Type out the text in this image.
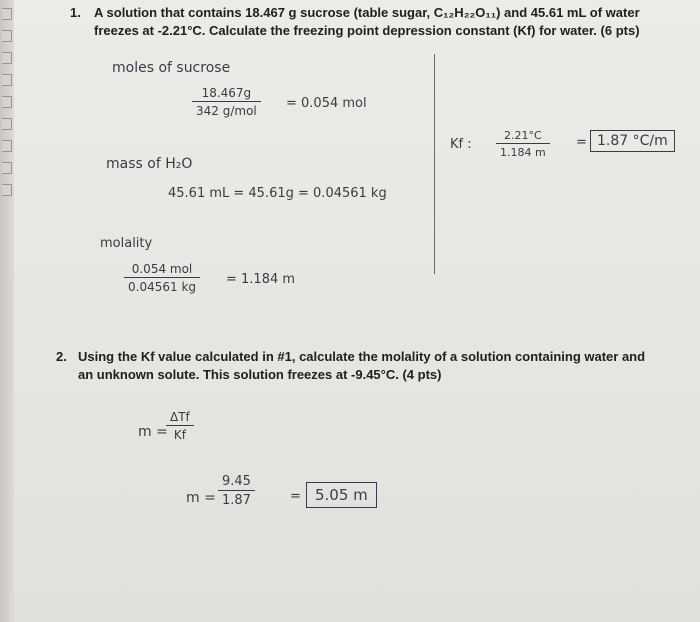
1. A solution that contains 18.467 g sucrose (table sugar, C₁₂H₂₂O₁₁) and 45.61 mL of water
freezes at -2.21°C. Calculate the freezing point depression constant (Kf) for water. (6 pts)
moles of sucrose
18.467g
342 g/mol	= 0.054 mol
Kf : $\frac{2.21^\circ C}{1.184 m} = 1.87$ °C/m
mass of H₂O
45.61 mL = 45.61g = 0.04561 kg
molality
0.054 mol
0.04561 kg	= 1.184 m
2. Using the Kf value calculated in #1, calculate the molality of a solution containing water and
an unknown solute. This solution freezes at -9.45°C. (4 pts)
m =
ΔTf
Kf
$m = \frac{9.45}{1.87}$	= 5.05 m
